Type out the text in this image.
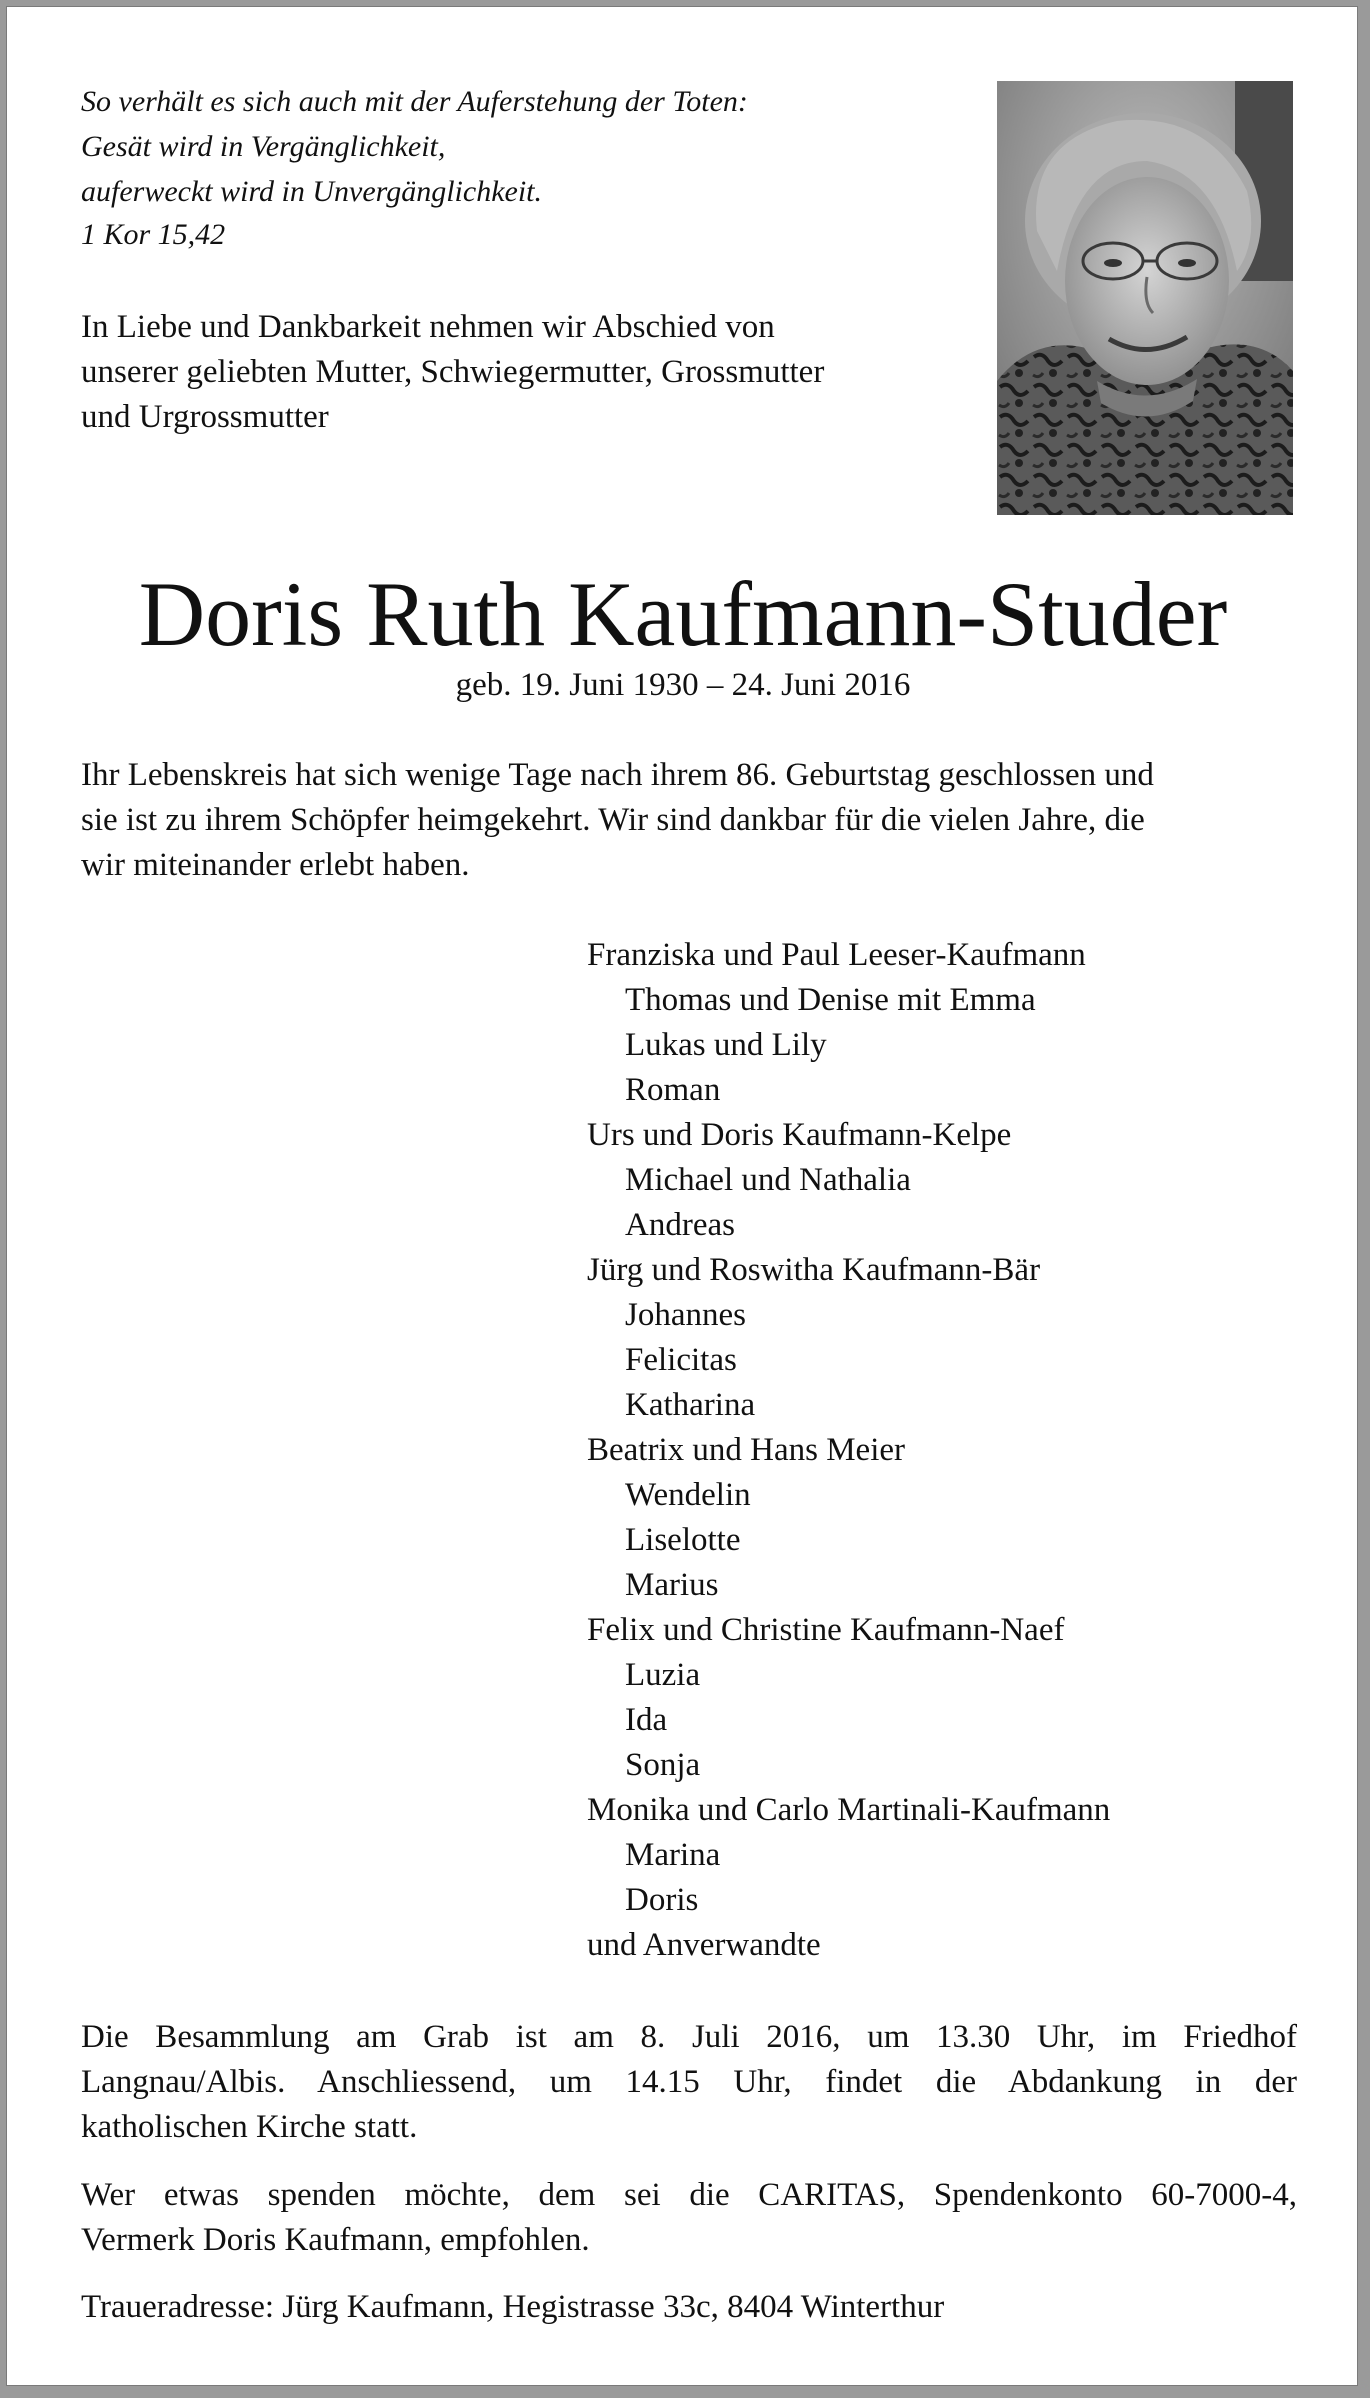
So verhält es sich auch mit der Auferstehung der Toten:
Gesät wird in Vergänglichkeit,
auferweckt wird in Unvergänglichkeit.
1 Kor 15,42
In Liebe und Dankbarkeit nehmen wir Abschied von
unserer geliebten Mutter, Schwiegermutter, Grossmutter
und Urgrossmutter
Doris Ruth Kaufmann-Studer
geb. 19. Juni 1930 – 24. Juni 2016
Ihr Lebenskreis hat sich wenige Tage nach ihrem 86. Geburtstag geschlossen und
sie ist zu ihrem Schöpfer heimgekehrt. Wir sind dankbar für die vielen Jahre, die
wir miteinander erlebt haben.
Franziska und Paul Leeser-Kaufmann
Thomas und Denise mit Emma
Lukas und Lily
Roman
Urs und Doris Kaufmann-Kelpe
Michael und Nathalia
Andreas
Jürg und Roswitha Kaufmann-Bär
Johannes
Felicitas
Katharina
Beatrix und Hans Meier
Wendelin
Liselotte
Marius
Felix und Christine Kaufmann-Naef
Luzia
Ida
Sonja
Monika und Carlo Martinali-Kaufmann
Marina
Doris
und Anverwandte
Die Besammlung am Grab ist am 8. Juli 2016, um 13.30 Uhr, im Friedhof
Langnau/Albis. Anschliessend, um 14.15 Uhr, findet die Abdankung in der
katholischen Kirche statt.
Wer etwas spenden möchte, dem sei die CARITAS, Spendenkonto 60-7000-4,
Vermerk Doris Kaufmann, empfohlen.
Traueradresse: Jürg Kaufmann, Hegistrasse 33c, 8404 Winterthur
